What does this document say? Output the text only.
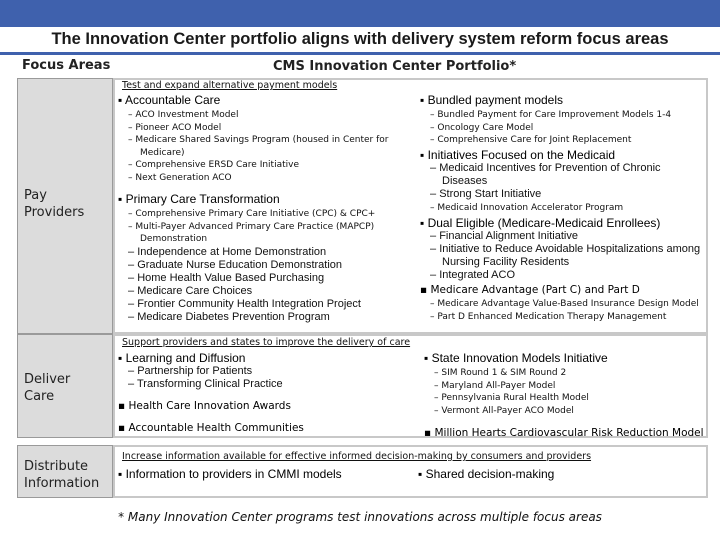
The Innovation Center portfolio aligns with delivery system reform focus areas
Focus Areas	CMS Innovation Center Portfolio*
Pay
Providers
Deliver
Care
Distribute
Information
Test and expand alternative payment models
▪ Accountable Care
– ACO Investment Model
– Pioneer ACO Model
– Medicare Shared Savings Program (housed in Center for Medicare)
– Comprehensive ERSD Care Initiative
– Next Generation ACO
▪ Primary Care Transformation
– Comprehensive Primary Care Initiative (CPC) & CPC+
– Multi-Payer Advanced Primary Care Practice (MAPCP) Demonstration
– Independence at Home Demonstration
– Graduate Nurse Education Demonstration
– Home Health Value Based Purchasing
– Medicare Care Choices
– Frontier Community Health Integration Project
– Medicare Diabetes Prevention Program
▪ Bundled payment models
– Bundled Payment for Care Improvement Models 1-4
– Oncology Care Model
– Comprehensive Care for Joint Replacement
▪ Initiatives Focused on the Medicaid
– Medicaid Incentives for Prevention of Chronic Diseases
– Strong Start Initiative
– Medicaid Innovation Accelerator Program
▪ Dual Eligible (Medicare-Medicaid Enrollees)
– Financial Alignment Initiative
– Initiative to Reduce Avoidable Hospitalizations among Nursing Facility Residents
– Integrated ACO
▪ Medicare Advantage (Part C) and Part D
– Medicare Advantage Value-Based Insurance Design Model
– Part D Enhanced Medication Therapy Management
Support providers and states to improve the delivery of care
▪ Learning and Diffusion
– Partnership for Patients
– Transforming Clinical Practice
▪ Health Care Innovation Awards
▪ Accountable Health Communities
▪ State Innovation Models Initiative
– SIM Round 1 & SIM Round 2
– Maryland All-Payer Model
– Pennsylvania Rural Health Model
– Vermont All-Payer ACO Model
▪ Million Hearts Cardiovascular Risk Reduction Model
Increase information available for effective informed decision-making by consumers and providers
▪ Information to providers in CMMI models	▪ Shared decision-making
* Many Innovation Center programs test innovations across multiple focus areas
